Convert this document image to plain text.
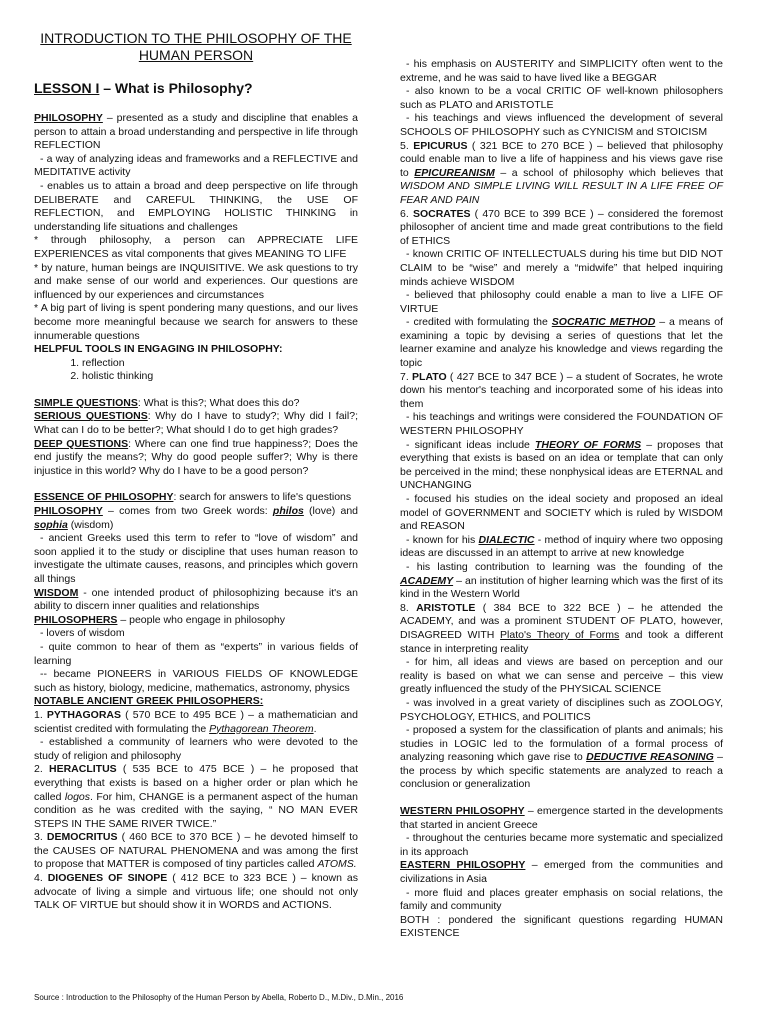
INTRODUCTION TO THE PHILOSOPHY OF THE HUMAN PERSON
LESSON I – What is Philosophy?

PHILOSOPHY – presented as a study and discipline that enables a person to attain a broad understanding and perspective in life through REFLECTION

- a way of analyzing ideas and frameworks and a REFLECTIVE and MEDITATIVE activity

- enables us to attain a broad and deep perspective on life through DELIBERATE and CAREFUL THINKING, the USE OF REFLECTION, and EMPLOYING HOLISTIC THINKING in understanding life situations and challenges

* through philosophy, a person can APPRECIATE LIFE EXPERIENCES as vital components that gives MEANING TO LIFE

* by nature, human beings are INQUISITIVE. We ask questions to try and make sense of our world and experiences. Our questions are influenced by our experiences and circumstances

* A big part of living is spent pondering many questions, and our lives become more meaningful because we search for answers to these innumerable questions

HELPFUL TOOLS IN ENGAGING IN PHILOSOPHY:

1. reflection
2. holistic thinking

SIMPLE QUESTIONS: What is this?; What does this do?

SERIOUS QUESTIONS: Why do I have to study?; Why did I fail?; What can I do to be better?; What should I do to get high grades?

DEEP QUESTIONS: Where can one find true happiness?; Does the end justify the means?; Why do good people suffer?; Why is there injustice in this world? Why do I have to be a good person?

ESSENCE OF PHILOSOPHY: search for answers to life's questions

PHILOSOPHY – comes from two Greek words: philos (love) and sophia (wisdom)

- ancient Greeks used this term to refer to “love of wisdom” and soon applied it to the study or discipline that uses human reason to investigate the ultimate causes, reasons, and principles which govern all things

WISDOM - one intended product of philosophizing because it's an ability to discern inner qualities and relationships

PHILOSOPHERS – people who engage in philosophy

- lovers of wisdom

- quite common to hear of them as “experts” in various fields of learning

-- became PIONEERS in VARIOUS FIELDS OF KNOWLEDGE such as history, biology, medicine, mathematics, astronomy, physics

NOTABLE ANCIENT GREEK PHILOSOPHERS:

1. PYTHAGORAS ( 570 BCE to 495 BCE ) – a mathematician and scientist credited with formulating the Pythagorean Theorem.

- established a community of learners who were devoted to the study of religion and philosophy

2. HERACLITUS ( 535 BCE to 475 BCE ) – he proposed that everything that exists is based on a higher order or plan which he called logos. For him, CHANGE is a permanent aspect of the human condition as he was credited with the saying, “ NO MAN EVER STEPS IN THE SAME RIVER TWICE.”

3. DEMOCRITUS ( 460 BCE to 370 BCE ) – he devoted himself to the CAUSES OF NATURAL PHENOMENA and was among the first to propose that MATTER is composed of tiny particles called ATOMS.

4. DIOGENES OF SINOPE ( 412 BCE to 323 BCE ) – known as advocate of living a simple and virtuous life; one should not only TALK OF VIRTUE but should show it in WORDS and ACTIONS.

- his emphasis on AUSTERITY and SIMPLICITY often went to the extreme, and he was said to have lived like a BEGGAR

- also known to be a vocal CRITIC OF well-known philosophers such as PLATO and ARISTOTLE

- his teachings and views influenced the development of several SCHOOLS OF PHILOSOPHY such as CYNICISM and STOICISM

5. EPICURUS ( 321 BCE to 270 BCE ) – believed that philosophy could enable man to live a life of happiness and his views gave rise to EPICUREANISM – a school of philosophy which believes that WISDOM AND SIMPLE LIVING WILL RESULT IN A LIFE FREE OF FEAR AND PAIN

6. SOCRATES ( 470 BCE to 399 BCE ) – considered the foremost philosopher of ancient time and made great contributions to the field of ETHICS

- known CRITIC OF INTELLECTUALS during his time but DID NOT CLAIM to be “wise” and merely a “midwife” that helped inquiring minds achieve WISDOM

- believed that philosophy could enable a man to live a LIFE OF VIRTUE

- credited with formulating the SOCRATIC METHOD – a means of examining a topic by devising a series of questions that let the learner examine and analyze his knowledge and views regarding the topic

7. PLATO ( 427 BCE to 347 BCE ) – a student of Socrates, he wrote down his mentor's teaching and incorporated some of his ideas into them

- his teachings and writings were considered the FOUNDATION OF WESTERN PHILOSOPHY

- significant ideas include THEORY OF FORMS – proposes that everything that exists is based on an idea or template that can only be perceived in the mind; these nonphysical ideas are ETERNAL and UNCHANGING

- focused his studies on the ideal society and proposed an ideal model of GOVERNMENT and SOCIETY which is ruled by WISDOM and REASON

- known for his DIALECTIC - method of inquiry where two opposing ideas are discussed in an attempt to arrive at new knowledge

- his lasting contribution to learning was the founding of the ACADEMY – an institution of higher learning which was the first of its kind in the Western World

8. ARISTOTLE ( 384 BCE to 322 BCE ) – he attended the ACADEMY, and was a prominent STUDENT OF PLATO, however, DISAGREED WITH Plato's Theory of Forms and took a different stance in interpreting reality

- for him, all ideas and views are based on perception and our reality is based on what we can sense and perceive – this view greatly influenced the study of the PHYSICAL SCIENCE

- was involved in a great variety of disciplines such as ZOOLOGY, PSYCHOLOGY, ETHICS, and POLITICS

- proposed a system for the classification of plants and animals; his studies in LOGIC led to the formulation of a formal process of analyzing reasoning which gave rise to DEDUCTIVE REASONING – the process by which specific statements are analyzed to reach a conclusion or generalization

WESTERN PHILOSOPHY – emergence started in the developments that started in ancient Greece

- throughout the centuries became more systematic and specialized in its approach

EASTERN PHILOSOPHY – emerged from the communities and civilizations in Asia

- more fluid and places greater emphasis on social relations, the family and community

BOTH : pondered the significant questions regarding HUMAN EXISTENCE

Source : Introduction to the Philosophy of the Human Person by Abella, Roberto D., M.Div., D.Min., 2016
